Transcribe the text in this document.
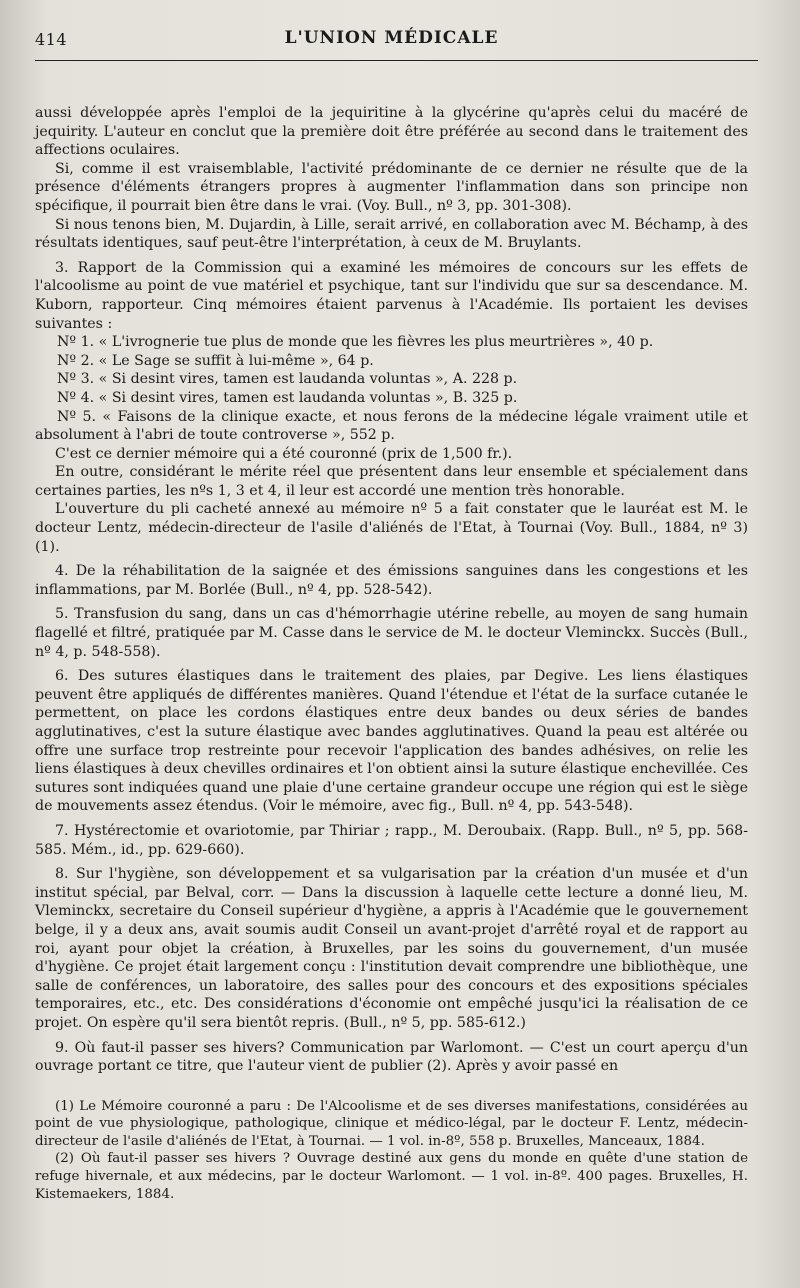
414	L'UNION MÉDICALE

aussi développée après l'emploi de la jequiritine à la glycérine qu'après celui du macéré de jequirity. L'auteur en conclut que la première doit être préférée au second dans le traitement des affections oculaires.

Si, comme il est vraisemblable, l'activité prédominante de ce dernier ne résulte que de la présence d'éléments étrangers propres à augmenter l'inflammation dans son principe non spécifique, il pourrait bien être dans le vrai. (Voy. Bull., nº 3, pp. 301-308).

Si nous tenons bien, M. Dujardin, à Lille, serait arrivé, en collaboration avec M. Béchamp, à des résultats identiques, sauf peut-être l'interprétation, à ceux de M. Bruylants.

3. Rapport de la Commission qui a examiné les mémoires de concours sur les effets de l'alcoolisme au point de vue matériel et psychique, tant sur l'individu que sur sa descendance. M. Kuborn, rapporteur. Cinq mémoires étaient parvenus à l'Académie. Ils portaient les devises suivantes :

Nº 1. « L'ivrognerie tue plus de monde que les fièvres les plus meurtrières », 40 p.

Nº 2. « Le Sage se suffit à lui-même », 64 p.

Nº 3. « Si desint vires, tamen est laudanda voluntas », A. 228 p.

Nº 4. « Si desint vires, tamen est laudanda voluntas », B. 325 p.

Nº 5. « Faisons de la clinique exacte, et nous ferons de la médecine légale vraiment utile et absolument à l'abri de toute controverse », 552 p.

C'est ce dernier mémoire qui a été couronné (prix de 1,500 fr.).

En outre, considérant le mérite réel que présentent dans leur ensemble et spécialement dans certaines parties, les nºs 1, 3 et 4, il leur est accordé une mention très honorable.

L'ouverture du pli cacheté annexé au mémoire nº 5 a fait constater que le lauréat est M. le docteur Lentz, médecin-directeur de l'asile d'aliénés de l'Etat, à Tournai (Voy. Bull., 1884, nº 3) (1).

4. De la réhabilitation de la saignée et des émissions sanguines dans les congestions et les inflammations, par M. Borlée (Bull., nº 4, pp. 528-542).

5. Transfusion du sang, dans un cas d'hémorrhagie utérine rebelle, au moyen de sang humain flagellé et filtré, pratiquée par M. Casse dans le service de M. le docteur Vleminckx. Succès (Bull., nº 4, p. 548-558).

6. Des sutures élastiques dans le traitement des plaies, par Degive. Les liens élastiques peuvent être appliqués de différentes manières. Quand l'étendue et l'état de la surface cutanée le permettent, on place les cordons élastiques entre deux bandes ou deux séries de bandes agglutinatives, c'est la suture élastique avec bandes agglutinatives. Quand la peau est altérée ou offre une surface trop restreinte pour recevoir l'application des bandes adhésives, on relie les liens élastiques à deux chevilles ordinaires et l'on obtient ainsi la suture élastique enchevillée. Ces sutures sont indiquées quand une plaie d'une certaine grandeur occupe une région qui est le siège de mouvements assez étendus. (Voir le mémoire, avec fig., Bull. nº 4, pp. 543-548).

7. Hystérectomie et ovariotomie, par Thiriar ; rapp., M. Deroubaix. (Rapp. Bull., nº 5, pp. 568-585. Mém., id., pp. 629-660).

8. Sur l'hygiène, son développement et sa vulgarisation par la création d'un musée et d'un institut spécial, par Belval, corr. — Dans la discussion à laquelle cette lecture a donné lieu, M. Vleminckx, secretaire du Conseil supérieur d'hygiène, a appris à l'Académie que le gouvernement belge, il y a deux ans, avait soumis audit Conseil un avant-projet d'arrêté royal et de rapport au roi, ayant pour objet la création, à Bruxelles, par les soins du gouvernement, d'un musée d'hygiène. Ce projet était largement conçu : l'institution devait comprendre une bibliothèque, une salle de conférences, un laboratoire, des salles pour des concours et des expositions spéciales temporaires, etc., etc. Des considérations d'économie ont empêché jusqu'ici la réalisation de ce projet. On espère qu'il sera bientôt repris. (Bull., nº 5, pp. 585-612.)

9. Où faut-il passer ses hivers? Communication par Warlomont. — C'est un court aperçu d'un ouvrage portant ce titre, que l'auteur vient de publier (2). Après y avoir passé en

(1) Le Mémoire couronné a paru : De l'Alcoolisme et de ses diverses manifestations, considérées au point de vue physiologique, pathologique, clinique et médico-légal, par le docteur F. Lentz, médecin-directeur de l'asile d'aliénés de l'Etat, à Tournai. — 1 vol. in-8º, 558 p. Bruxelles, Manceaux, 1884.

(2) Où faut-il passer ses hivers ? Ouvrage destiné aux gens du monde en quête d'une station de refuge hivernale, et aux médecins, par le docteur Warlomont. — 1 vol. in-8º. 400 pages. Bruxelles, H. Kistemaekers, 1884.
